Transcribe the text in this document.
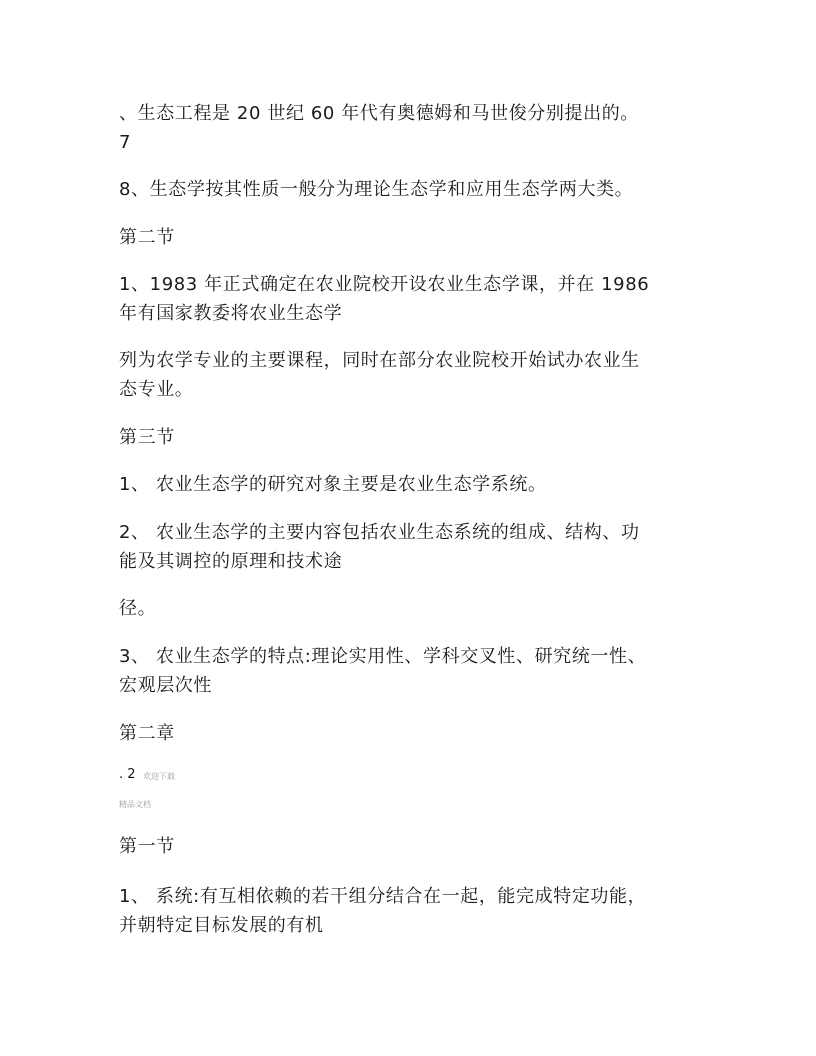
、生态工程是 20 世纪 60 年代有奥德姆和马世俊分别提出的。
7
8、生态学按其性质一般分为理论生态学和应用生态学两大类。
第二节
1、1983 年正式确定在农业院校开设农业生态学课，并在 1986
年有国家教委将农业生态学
列为农学专业的主要课程，同时在部分农业院校开始试办农业生
态专业。
第三节
1、 农业生态学的研究对象主要是农业生态学系统。
2、 农业生态学的主要内容包括农业生态系统的组成、结构、功
能及其调控的原理和技术途
径。
3、 农业生态学的特点:理论实用性、学科交叉性、研究统一性、
宏观层次性
第二章
. 2 欢迎下载
精品文档
第一节
1、 系统:有互相依赖的若干组分结合在一起，能完成特定功能，
并朝特定目标发展的有机
